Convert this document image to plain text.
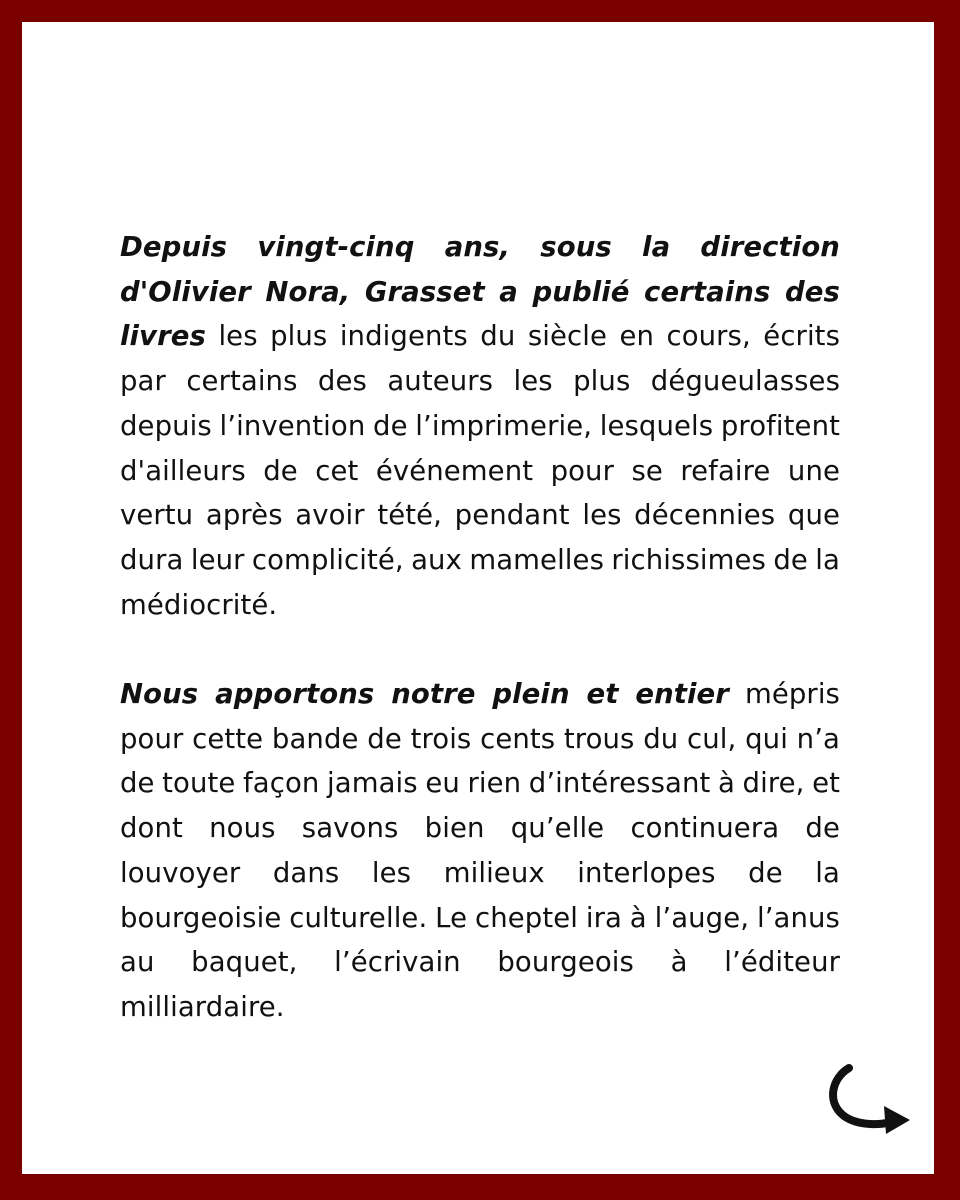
Depuis vingt-cinq ans, sous la direction d'Olivier Nora, Grasset a publié certains des livres les plus indigents du siècle en cours, écrits par certains des auteurs les plus dégueulasses depuis l’invention de l’imprimerie, lesquels profitent d'ailleurs de cet événement pour se refaire une vertu après avoir tété, pendant les décennies que dura leur complicité, aux mamelles richissimes de la médiocrité.

Nous apportons notre plein et entier mépris pour cette bande de trois cents trous du cul, qui n’a de toute façon jamais eu rien d’intéressant à dire, et dont nous savons bien qu’elle continuera de louvoyer dans les milieux interlopes de la bourgeoisie culturelle. Le cheptel ira à l’auge, l’anus au baquet, l’écrivain bourgeois à l’éditeur milliardaire.
